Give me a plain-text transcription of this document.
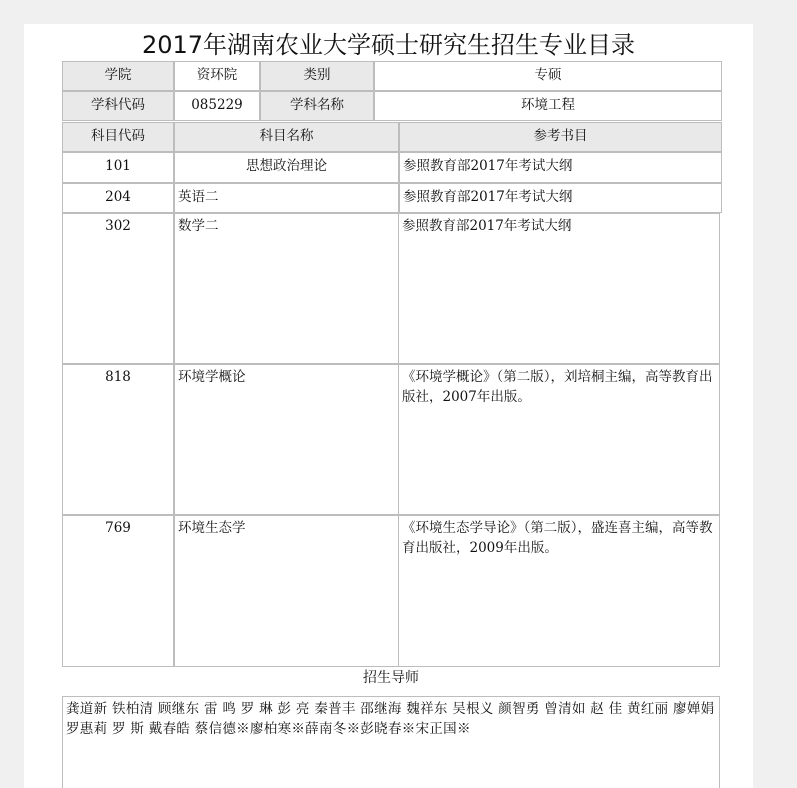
2017年湖南农业大学硕士研究生招生专业目录
学院	资环院	类别	专硕
学科代码	085229	学科名称	环境工程
科目代码	科目名称	参考书目
101	思想政治理论	参照教育部2017年考试大纲
204	英语二	参照教育部2017年考试大纲
302	数学二	参照教育部2017年考试大纲
818	环境学概论	《环境学概论》（第二版），刘培桐主编，高等教育出版社，2007年出版。
769	环境生态学	《环境生态学导论》（第二版），盛连喜主编，高等教育出版社，2009年出版。
招生导师
龚道新 铁柏清 顾继东 雷 鸣 罗 琳 彭 亮 秦普丰 邵继海 魏祥东 吴根义 颜智勇 曾清如 赵 佳 黄红丽 廖婵娟 罗惠莉 罗 斯 戴春皓 蔡信德※廖柏寒※薛南冬※彭晓春※宋正国※
